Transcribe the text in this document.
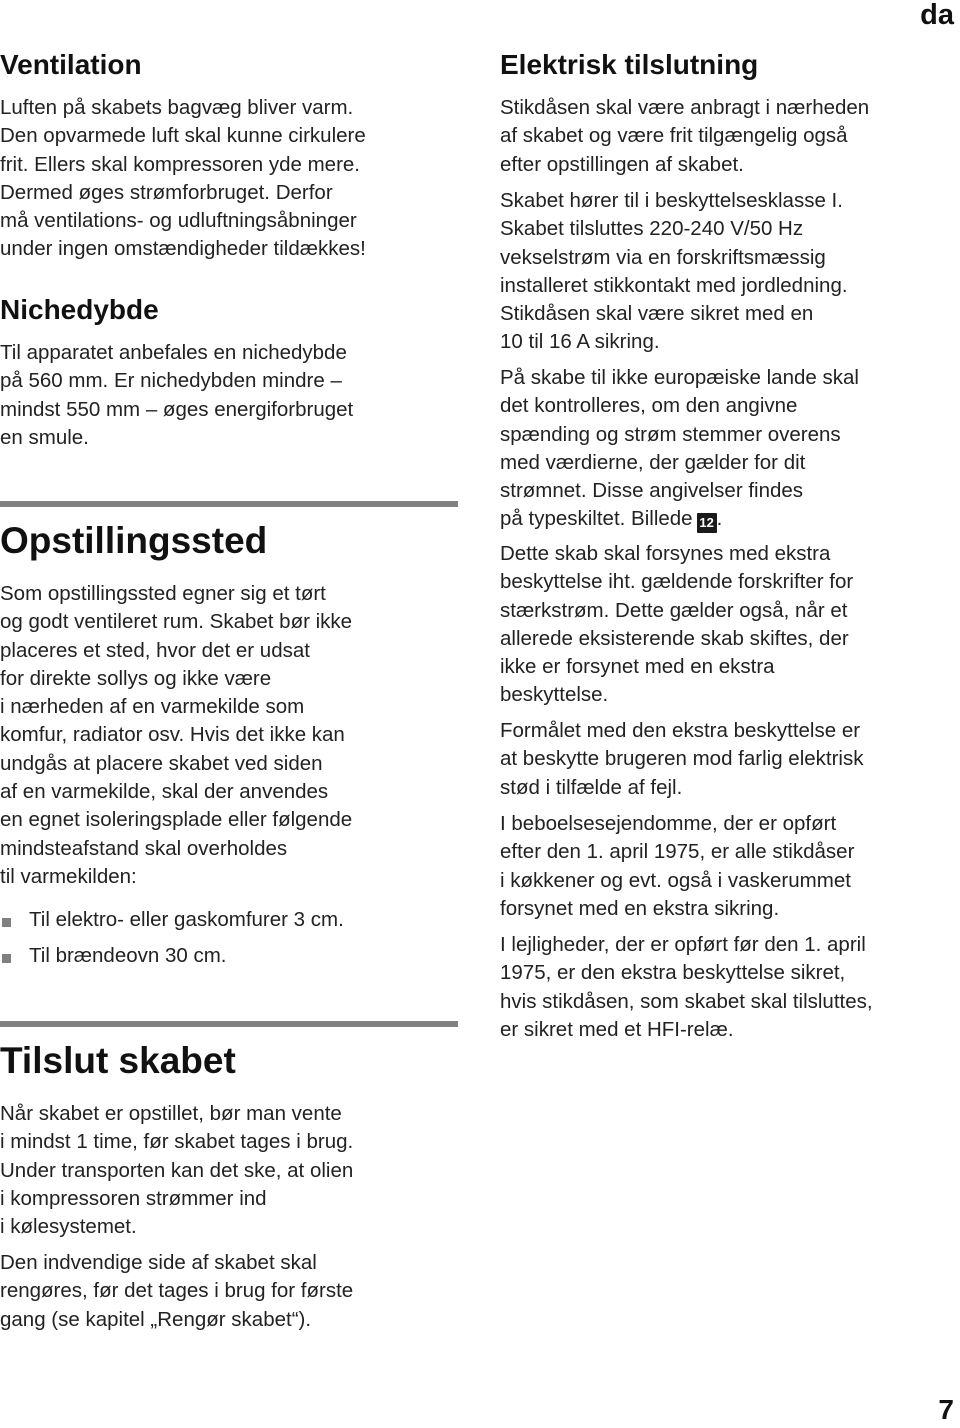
da
Ventilation

Luften på skabets bagvæg bliver varm.
Den opvarmede luft skal kunne cirkulere
frit. Ellers skal kompressoren yde mere.
Dermed øges strømforbruget. Derfor
må ventilations- og udluftningsåbninger
under ingen omstændigheder tildækkes!

Nichedybde

Til apparatet anbefales en nichedybde
på 560 mm. Er nichedybden mindre –
mindst 550 mm – øges energiforbruget
en smule.

Opstillingssted

Som opstillingssted egner sig et tørt
og godt ventileret rum. Skabet bør ikke
placeres et sted, hvor det er udsat
for direkte sollys og ikke være
i nærheden af en varmekilde som
komfur, radiator osv. Hvis det ikke kan
undgås at placere skabet ved siden
af en varmekilde, skal der anvendes
en egnet isoleringsplade eller følgende
mindsteafstand skal overholdes
til varmekilden:

Til elektro- eller gaskomfurer 3 cm.
Til brændeovn 30 cm.
Tilslut skabet

Når skabet er opstillet, bør man vente
i mindst 1 time, før skabet tages i brug.
Under transporten kan det ske, at olien
i kompressoren strømmer ind
i kølesystemet.

Den indvendige side af skabet skal
rengøres, før det tages i brug for første
gang (se kapitel „Rengør skabet“).

Elektrisk tilslutning

Stikdåsen skal være anbragt i nærheden
af skabet og være frit tilgængelig også
efter opstillingen af skabet.

Skabet hører til i beskyttelsesklasse I.
Skabet tilsluttes 220-240 V/50 Hz
vekselstrøm via en forskriftsmæssig
installeret stikkontakt med jordledning.
Stikdåsen skal være sikret med en
10 til 16 A sikring.

På skabe til ikke europæiske lande skal
det kontrolleres, om den angivne
spænding og strøm stemmer overens
med værdierne, der gælder for dit
strømnet. Disse angivelser findes
på typeskiltet. Billede 12 .

Dette skab skal forsynes med ekstra
beskyttelse iht. gældende forskrifter for
stærkstrøm. Dette gælder også, når et
allerede eksisterende skab skiftes, der
ikke er forsynet med en ekstra
beskyttelse.

Formålet med den ekstra beskyttelse er
at beskytte brugeren mod farlig elektrisk
stød i tilfælde af fejl.

I beboelsesejendomme, der er opført
efter den 1. april 1975, er alle stikdåser
i køkkener og evt. også i vaskerummet
forsynet med en ekstra sikring.

I lejligheder, der er opført før den 1. april
1975, er den ekstra beskyttelse sikret,
hvis stikdåsen, som skabet skal tilsluttes,
er sikret med et HFI-relæ.

7
